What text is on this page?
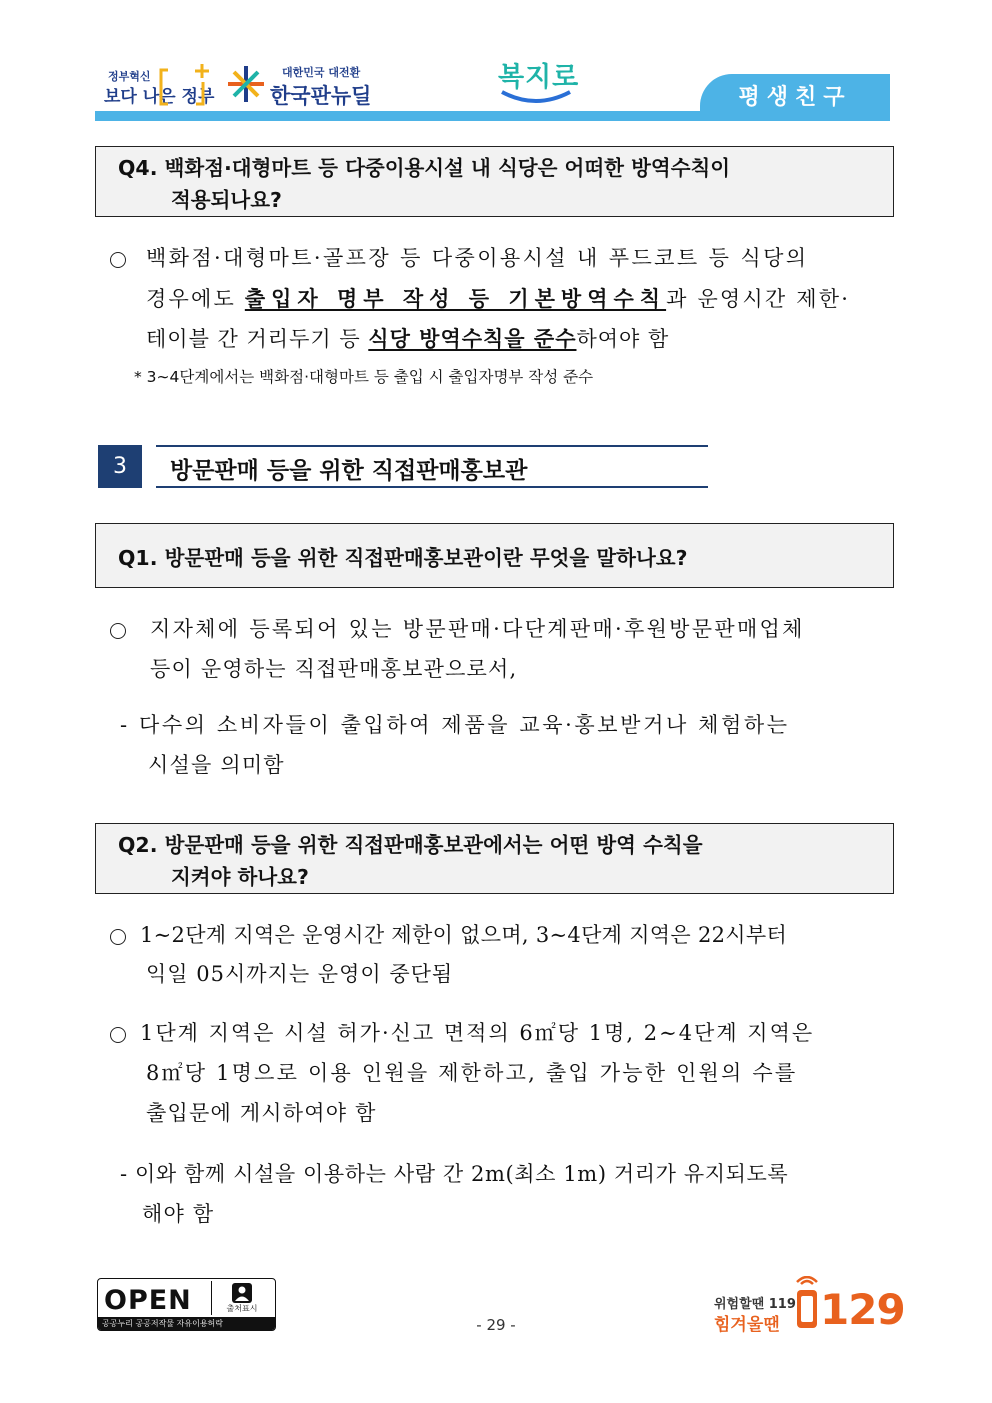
정부혁신
보다 나은 정부
대한민국 대전환
한국판뉴딜
복지로
평생친구
Q4. 백화점·대형마트 등 다중이용시설 내 식당은 어떠한 방역수칙이
적용되나요?
백화점·대형마트·골프장 등 다중이용시설 내 푸드코트 등 식당의
경우에도 출입자 명부 작성 등 기본방역수칙과 운영시간 제한·
테이블 간 거리두기 등 식당 방역수칙을 준수하여야 함
* 3∼4단계에서는 백화점·대형마트 등 출입 시 출입자명부 작성 준수
3	방문판매 등을 위한 직접판매홍보관
Q1. 방문판매 등을 위한 직접판매홍보관이란 무엇을 말하나요?
지자체에 등록되어 있는 방문판매·다단계판매·후원방문판매업체
등이 운영하는 직접판매홍보관으로서,
- 다수의 소비자들이 출입하여 제품을 교육·홍보받거나 체험하는
시설을 의미함
Q2. 방문판매 등을 위한 직접판매홍보관에서는 어떤 방역 수칙을
지켜야 하나요?
1∼2단계 지역은 운영시간 제한이 없으며, 3∼4단계 지역은 22시부터
익일 05시까지는 운영이 중단됨
1단계 지역은 시설 허가·신고 면적의 6㎡당 1명, 2∼4단계 지역은
8㎡당 1명으로 이용 인원을 제한하고, 출입 가능한 인원의 수를
출입문에 게시하여야 함
- 이와 함께 시설을 이용하는 사람 간 2m(최소 1m) 거리가 유지되도록
해야 함
OPEN	출처표시
공공누리 공공저작물 자유이용허락	- 29 -
위험할땐 119
힘겨울땐 129
